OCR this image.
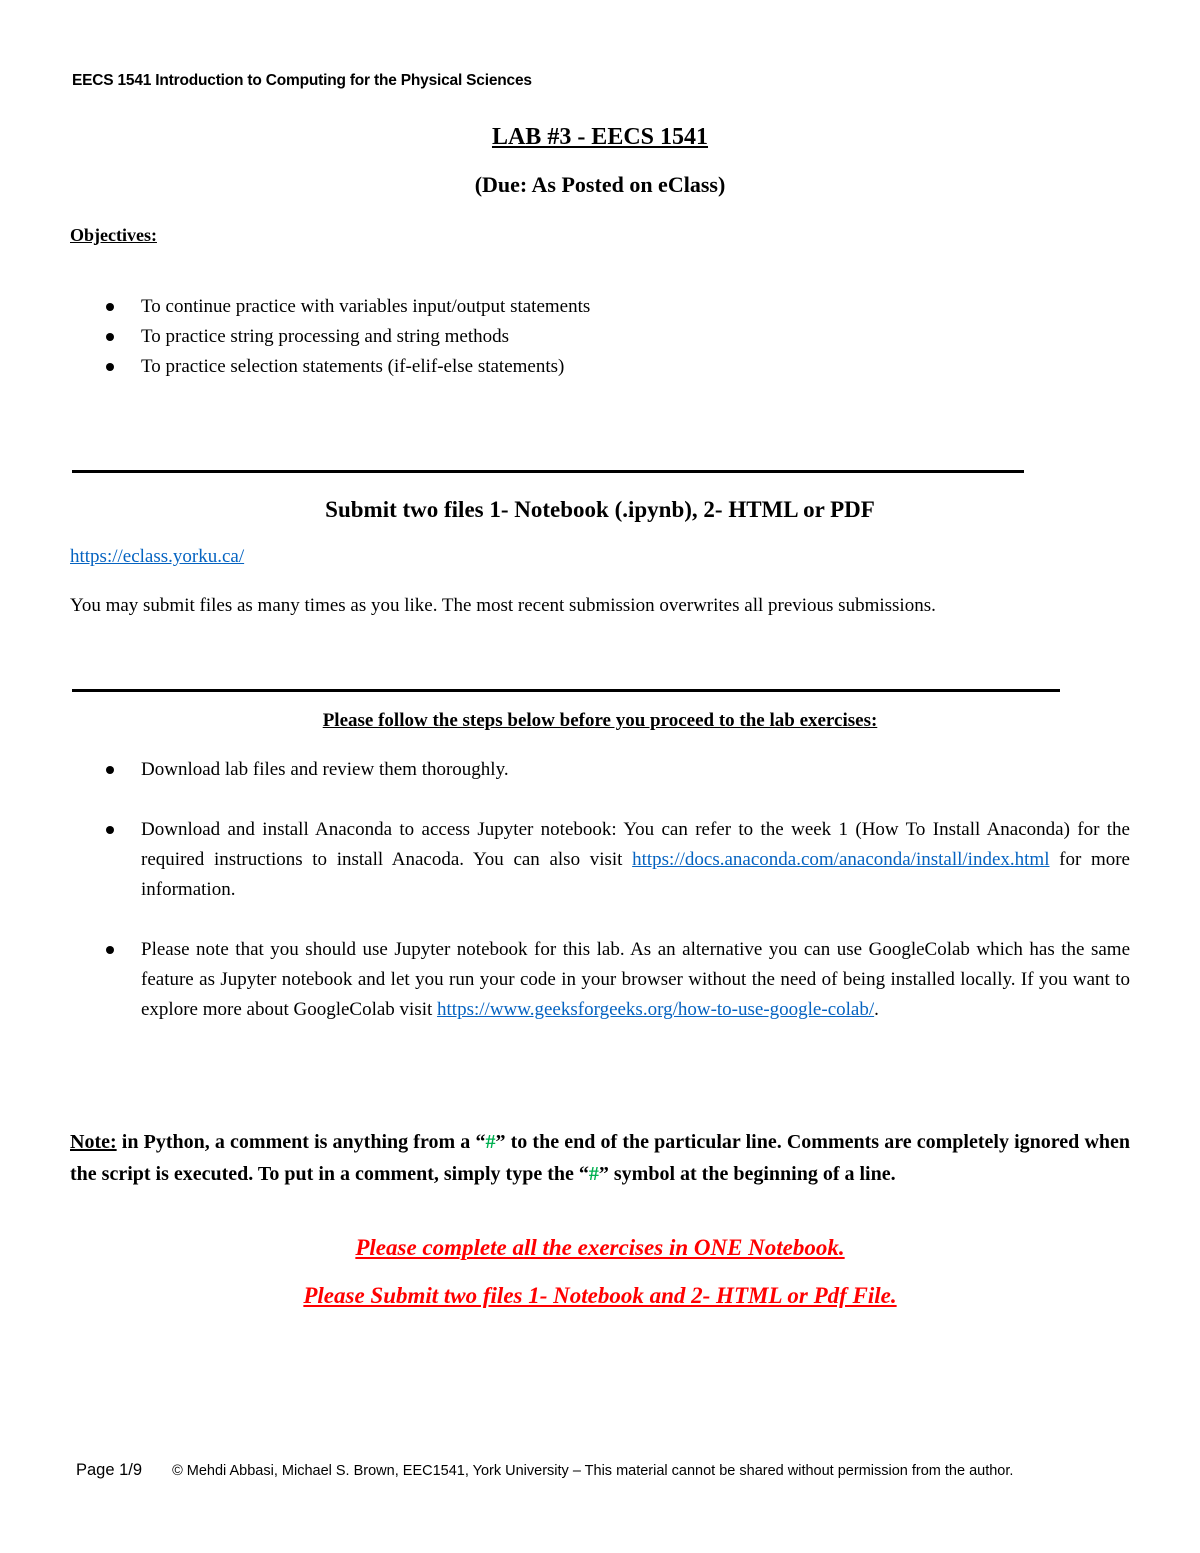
EECS 1541 Introduction to Computing for the Physical Sciences
LAB #3 - EECS 1541
(Due: As Posted on eClass)
Objectives:
To continue practice with variables input/output statements
To practice string processing and string methods
To practice selection statements (if-elif-else statements)
Submit two files 1- Notebook (.ipynb), 2- HTML or PDF
https://eclass.yorku.ca/
You may submit files as many times as you like. The most recent submission overwrites all previous submissions.
Please follow the steps below before you proceed to the lab exercises:
Download lab files and review them thoroughly.
Download and install Anaconda to access Jupyter notebook: You can refer to the week 1 (How To Install Anaconda) for the required instructions to install Anacoda. You can also visit https://docs.anaconda.com/anaconda/install/index.html for more information.
Please note that you should use Jupyter notebook for this lab. As an alternative you can use GoogleColab which has the same feature as Jupyter notebook and let you run your code in your browser without the need of being installed locally. If you want to explore more about GoogleColab visit https://www.geeksforgeeks.org/how-to-use-google-colab/.
Note: in Python, a comment is anything from a “#” to the end of the particular line. Comments are completely ignored when the script is executed. To put in a comment, simply type the “#” symbol at the beginning of a line.
Please complete all the exercises in ONE Notebook.
Please Submit two files 1- Notebook and 2- HTML or Pdf File.
Page 1/9 © Mehdi Abbasi, Michael S. Brown, EEC1541, York University – This material cannot be shared without permission from the author.
